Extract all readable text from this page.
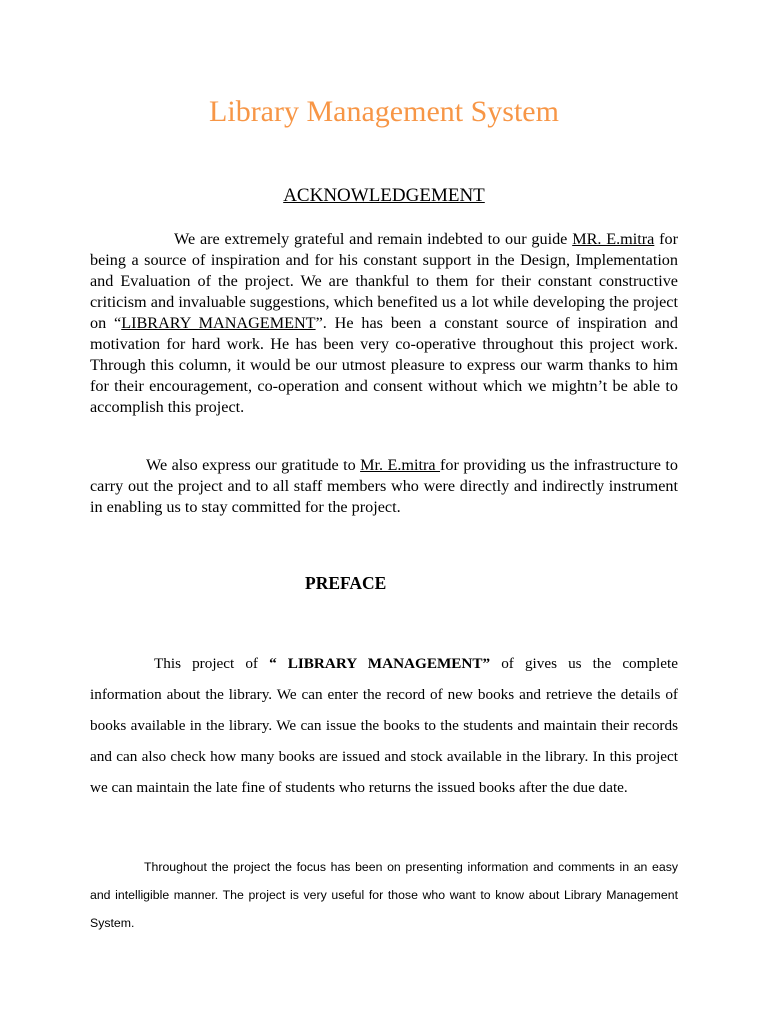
Library Management System
ACKNOWLEDGEMENT

We are extremely grateful and remain indebted to our guide MR. E.mitra for being a source of inspiration and for his constant support in the Design, Implementation and Evaluation of the project. We are thankful to them for their constant constructive criticism and invaluable suggestions, which benefited us a lot while developing the project on “LIBRARY MANAGEMENT”. He has been a constant source of inspiration and motivation for hard work. He has been very co-operative throughout this project work. Through this column, it would be our utmost pleasure to express our warm thanks to him for their encouragement, co-operation and consent without which we mightn’t be able to accomplish this project.

We also express our gratitude to Mr. E.mitra for providing us the infrastructure to carry out the project and to all staff members who were directly and indirectly instrument in enabling us to stay committed for the project.

PREFACE

This project of “ LIBRARY MANAGEMENT” of gives us the complete information about the library. We can enter the record of new books and retrieve the details of books available in the library. We can issue the books to the students and maintain their records and can also check how many books are issued and stock available in the library. In this project we can maintain the late fine of students who returns the issued books after the due date.

Throughout the project the focus has been on presenting information and comments in an easy and intelligible manner. The project is very useful for those who want to know about Library Management System.
